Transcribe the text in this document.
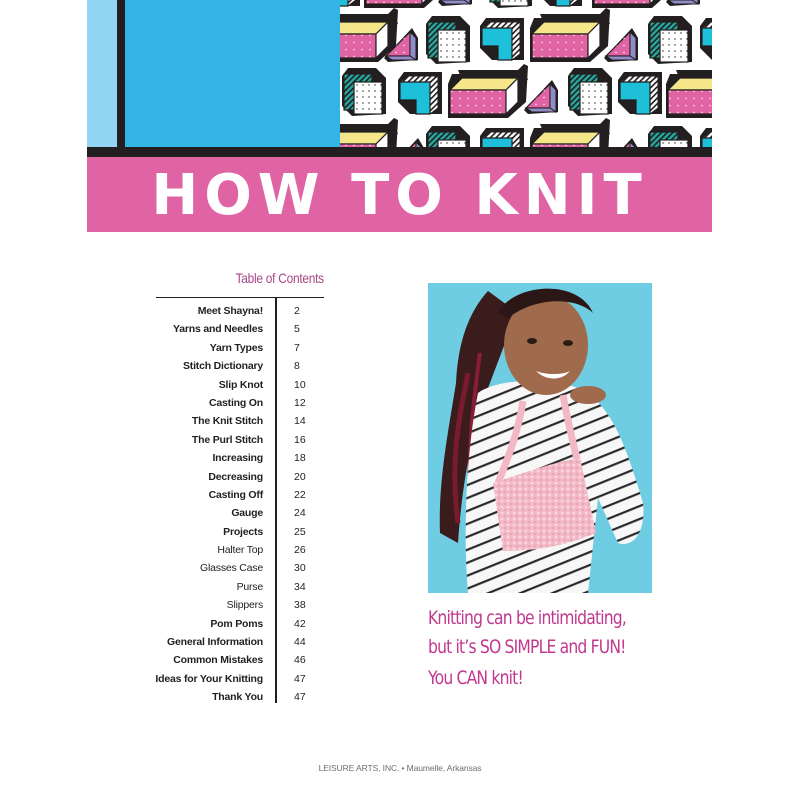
HOW TO KNIT
Table of Contents
Meet Shayna!	2
Yarns and Needles	5
Yarn Types	7
Stitch Dictionary	8
Slip Knot	10
Casting On	12
The Knit Stitch	14
The Purl Stitch	16
Increasing	18
Decreasing	20
Casting Off	22
Gauge	24
Projects	25
Halter Top	26
Glasses Case	30
Purse	34
Slippers	38
Pom Poms	42
General Information	44
Common Mistakes	46
Ideas for Your Knitting	47
Thank You	47
Knitting can be intimidating,
but it’s SO SIMPLE and FUN!
You CAN knit!
LEISURE ARTS, INC. • Maumelle, Arkansas
